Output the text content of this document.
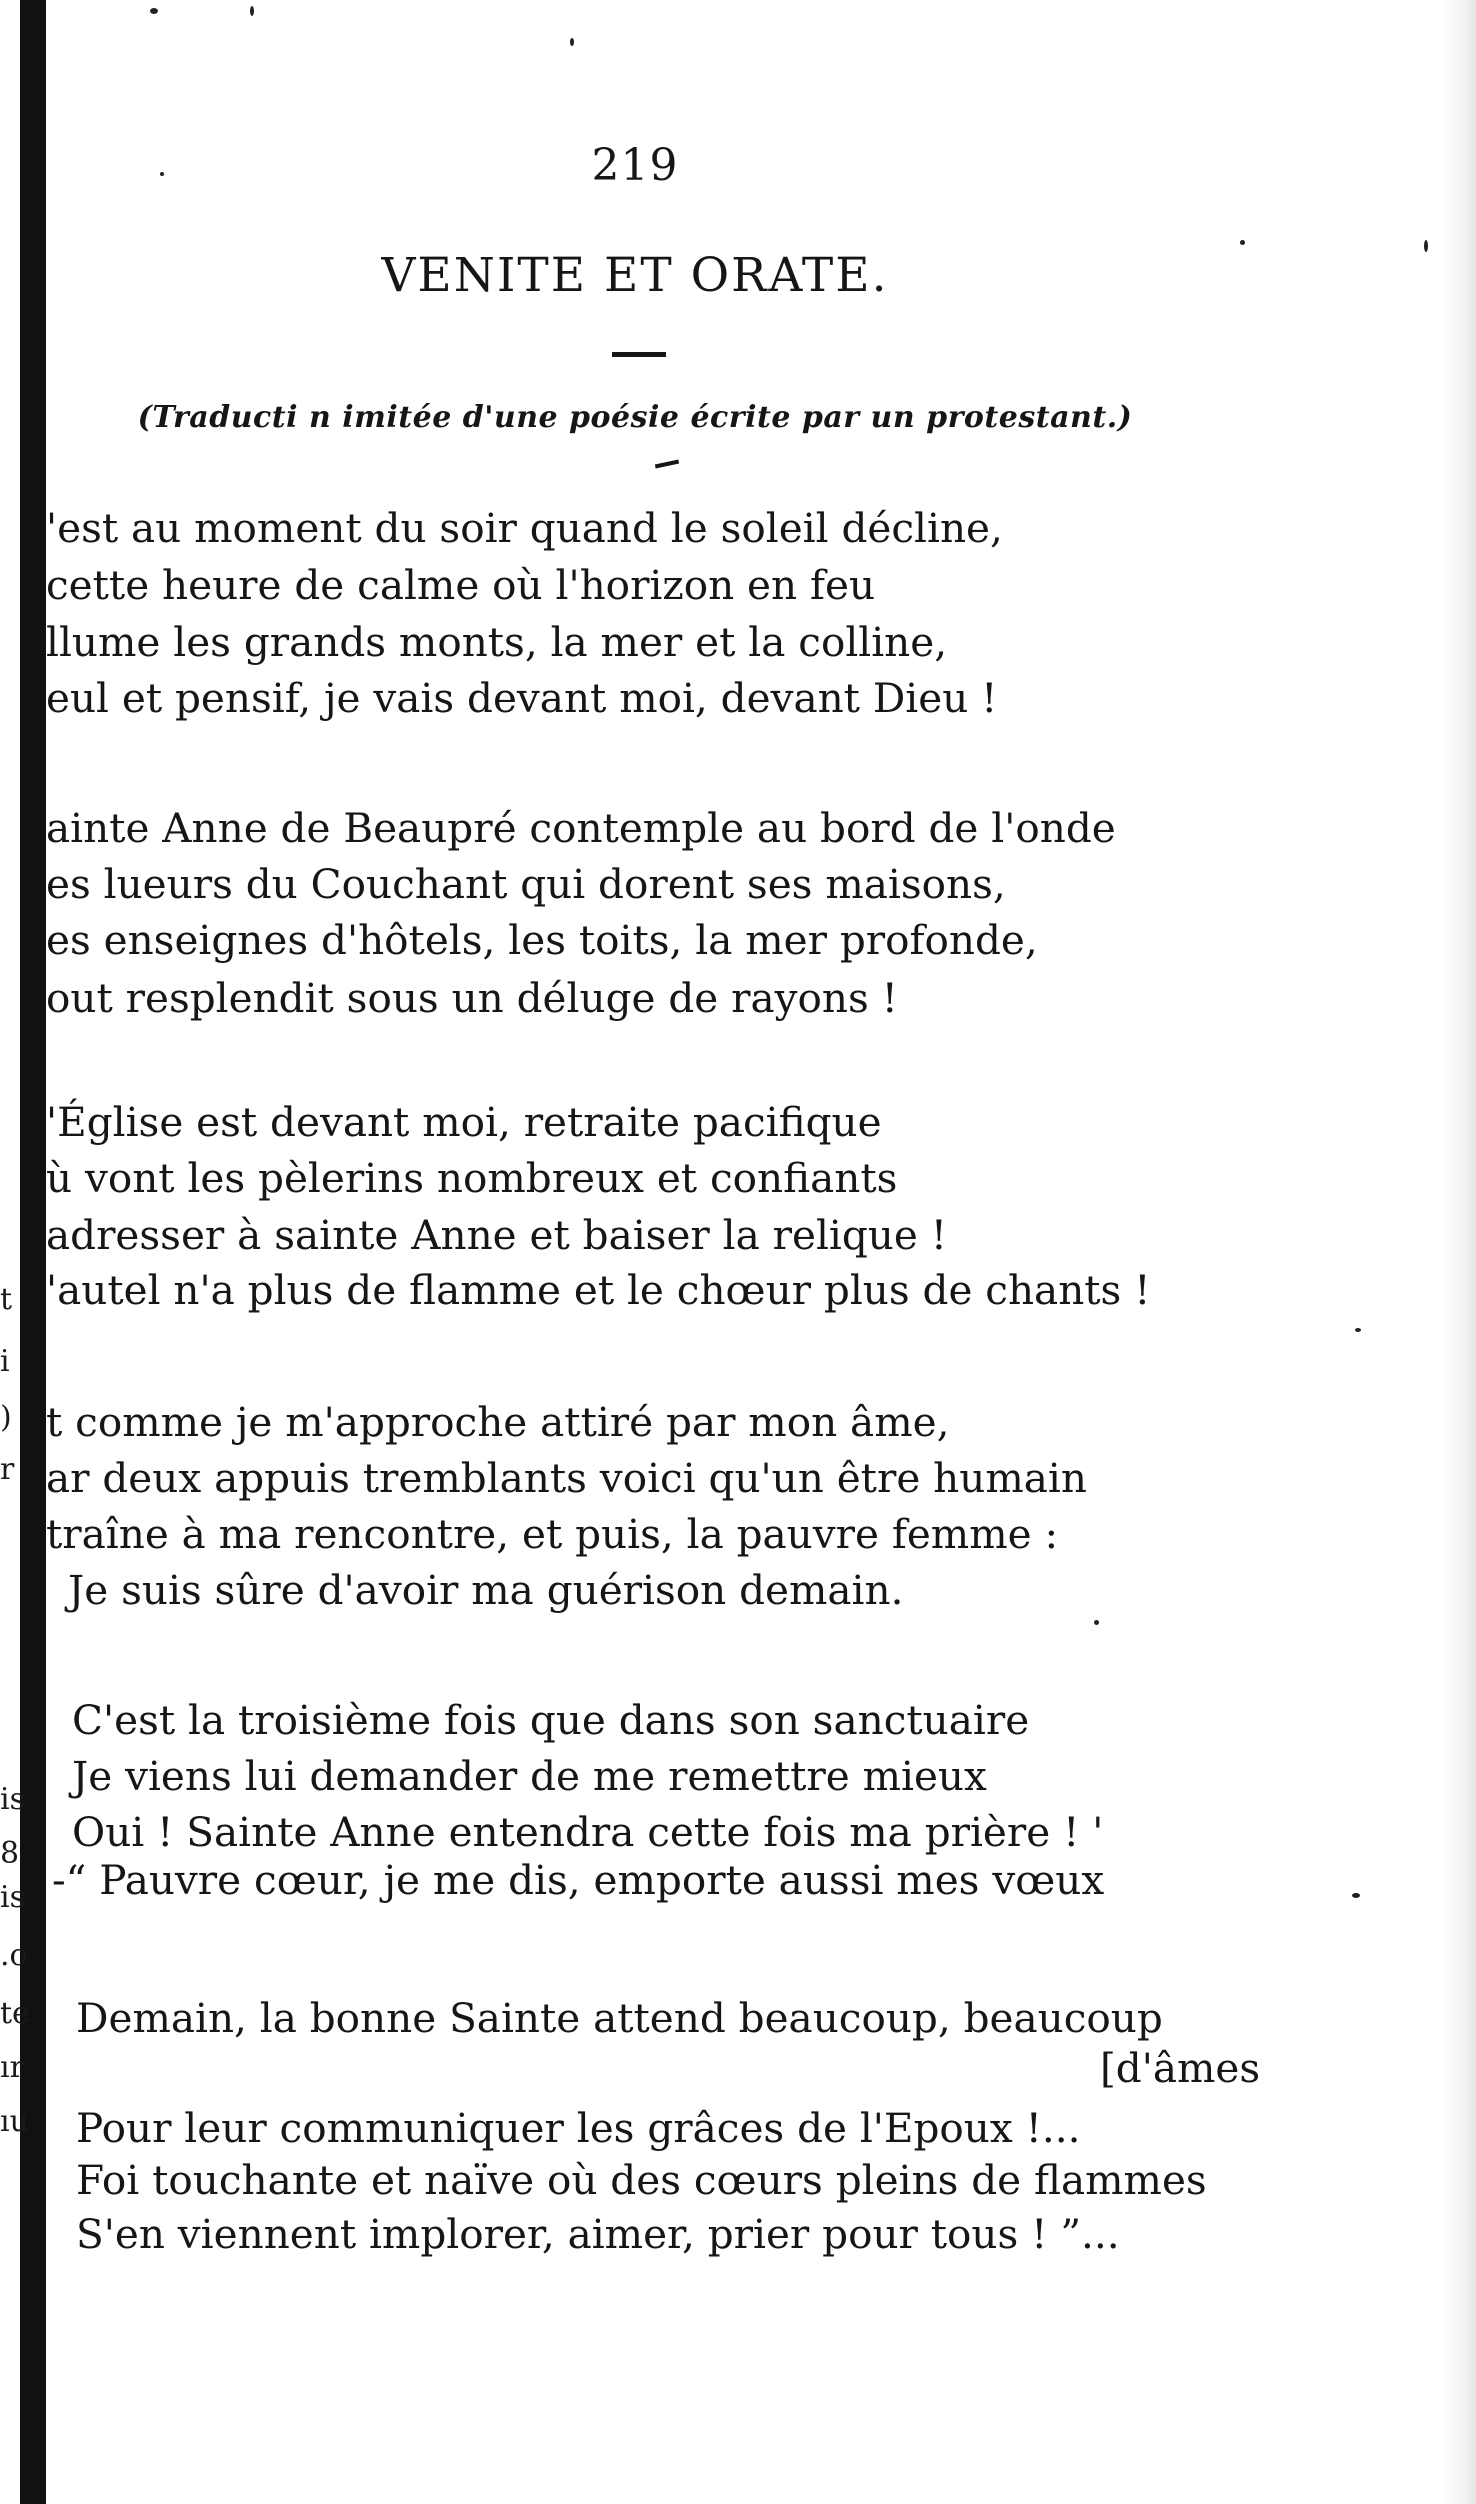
219
VENITE ET ORATE.
(Traducti n imitée d'une poésie écrite par un protestant.)
'est au moment du soir quand le soleil décline,
cette heure de calme où l'horizon en feu
llume les grands monts, la mer et la colline,
eul et pensif, je vais devant moi, devant Dieu !
ainte Anne de Beaupré contemple au bord de l'onde
es lueurs du Couchant qui dorent ses maisons,
es enseignes d'hôtels, les toits, la mer profonde,
out resplendit sous un déluge de rayons !
'Église est devant moi, retraite pacifique
ù vont les pèlerins nombreux et confiants
adresser à sainte Anne et baiser la relique !
'autel n'a plus de flamme et le chœur plus de chants !
t comme je m'approche attiré par mon âme,
ar deux appuis tremblants voici qu'un être humain
traîne à ma rencontre, et puis, la pauvre femme :
Je suis sûre d'avoir ma guérison demain.
C'est la troisième fois que dans son sanctuaire
Je viens lui demander de me remettre mieux
Oui ! Sainte Anne entendra cette fois ma prière ! '
-“ Pauvre cœur, je me dis, emporte aussi mes vœux
Demain, la bonne Sainte attend beaucoup, beaucoup
[d'âmes
Pour leur communiquer les grâces de l'Epoux !...
Foi touchante et naïve où des cœurs pleins de flammes
S'en viennent implorer, aimer, prier pour tous ! ”...
t
i
)
r
is
8
is
.o
te
ır
ıu
